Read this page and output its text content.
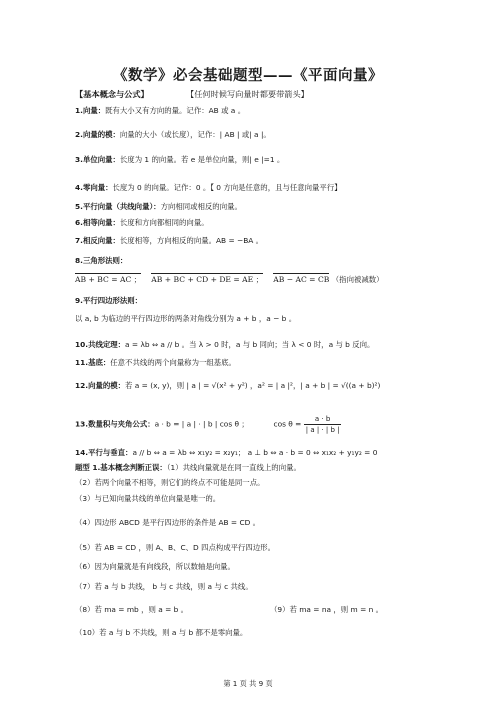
《数学》必会基础题型——《平面向量》
【基本概念与公式】	【任何时候写向量时都要带箭头】
1.向量：既有大小又有方向的量。记作：AB 或 a 。
2.向量的模：向量的大小（或长度），记作：| AB | 或| a |。
3.单位向量：长度为 1 的向量。若 e 是单位向量，则| e |=1 。
4.零向量：长度为 0 的向量。记作：0 。【 0 方向是任意的，且与任意向量平行】
5.平行向量（共线向量）：方向相同或相反的向量。
6.相等向量：长度和方向都相同的向量。
7.相反向量：长度相等，方向相反的向量。AB = −BA 。
8.三角形法则：
AB + BC = AC ； AB + BC + CD + DE = AE ； AB − AC = CB （指向被减数）
9.平行四边形法则：
以 a, b 为临边的平行四边形的两条对角线分别为 a + b ，a − b 。
10.共线定理：a = λb ⇔ a // b 。当 λ > 0 时，a 与 b 同向；当 λ < 0 时，a 与 b 反向。
11.基底：任意不共线的两个向量称为一组基底。
12.向量的模：若 a = (x, y)，则 | a | = √(x² + y²) ，a² = | a |²，| a + b | = √((a + b)²)
13.数量积与夹角公式：a · b = | a | · | b | cos θ ；	$\cos \theta = \frac{a \cdot b}{| a | \cdot | b |}$
14.平行与垂直：a // b ⇔ a = λb ⇔ x₁y₂ = x₂y₁； a ⊥ b ⇔ a · b = 0 ⇔ x₁x₂ + y₁y₂ = 0
题型 1.基本概念判断正误：（1）共线向量就是在同一直线上的向量。
（2）若两个向量不相等，则它们的终点不可能是同一点。
（3）与已知向量共线的单位向量是唯一的。
（4）四边形 ABCD 是平行四边形的条件是 AB = CD 。
（5）若 AB = CD ，则 A、B、C、D 四点构成平行四边形。
（6）因为向量就是有向线段，所以数轴是向量。
（7）若 a 与 b 共线， b 与 c 共线，则 a 与 c 共线。
（8）若 ma = mb ，则 a = b 。	（9）若 ma = na ，则 m = n 。
（10）若 a 与 b 不共线，则 a 与 b 都不是零向量。
第 1 页 共 9 页
